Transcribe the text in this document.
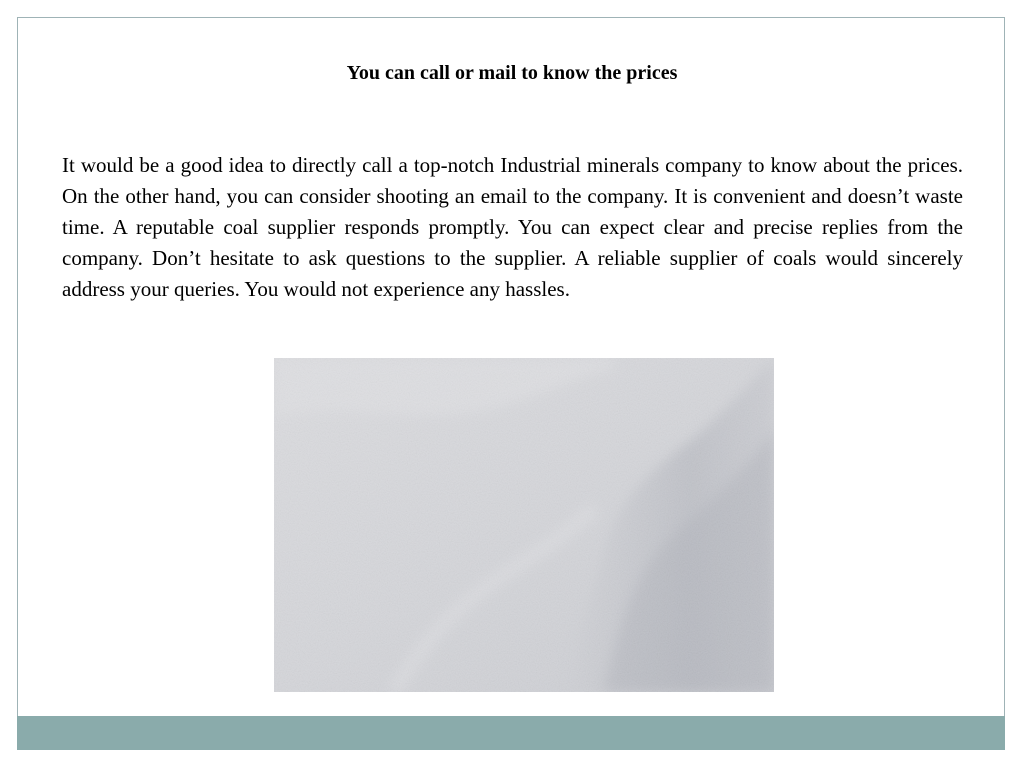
You can call or mail to know the prices

It would be a good idea to directly call a top-notch Industrial minerals company to know about the prices. On the other hand, you can consider shooting an email to the company. It is convenient and doesn’t waste time. A reputable coal supplier responds promptly. You can expect clear and precise replies from the company. Don’t hesitate to ask questions to the supplier. A reliable supplier of coals would sincerely address your queries. You would not experience any hassles.
